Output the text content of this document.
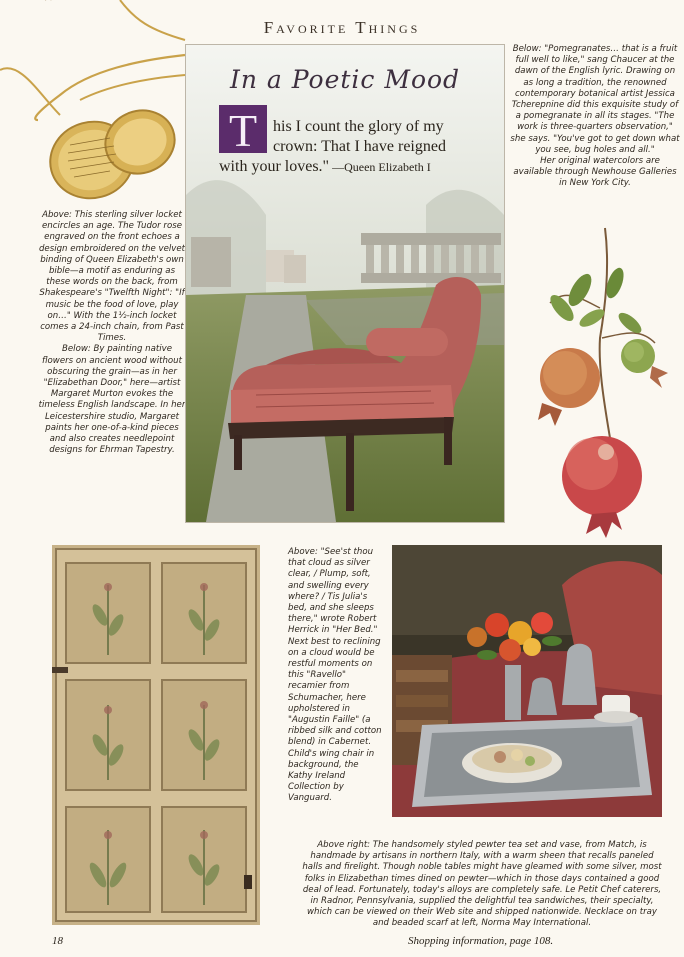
Favorite Things

Above: This sterling silver locket encircles an age. The Tudor rose engraved on the front echoes a design embroidered on the velvet binding of Queen Elizabeth's own bible—a motif as enduring as these words on the back, from Shakespeare's "Twelfth Night": "If music be the food of love, play on…" With the 1½-inch locket comes a 24-inch chain, from Past Times.

Below: By painting native flowers on ancient wood without obscuring the grain—as in her "Elizabethan Door," here—artist Margaret Murton evokes the timeless English landscape. In her Leicestershire studio, Margaret paints her one-of-a-kind pieces and also creates needlepoint designs for Ehrman Tapestry.

In a Poetic Mood
T his I count the glory of my
crown: That I have reigned
with your loves." —Queen Elizabeth I

Below: "Pomegranates… that is a fruit full well to like," sang Chaucer at the dawn of the English lyric. Drawing on as long a tradition, the renowned contemporary botanical artist Jessica Tcherepnine did this exquisite study of a pomegranate in all its stages. "The work is three-quarters observation," she says. "You've got to get down what you see, bug holes and all."

Her original watercolors are available through Newhouse Galleries in New York City.

Above: "See'st thou that cloud as silver clear, / Plump, soft, and swelling every where? / Tis Julia's bed, and she sleeps there," wrote Robert Herrick in "Her Bed." Next best to reclining on a cloud would be restful moments on this "Ravello" recamier from Schumacher, here upholstered in "Augustin Faille" (a ribbed silk and cotton blend) in Cabernet. Child's wing chair in background, the Kathy Ireland Collection by Vanguard.
Above right: The handsomely styled pewter tea set and vase, from Match, is handmade by artisans in northern Italy, with a warm sheen that recalls paneled halls and firelight. Though noble tables might have gleamed with some silver, most folks in Elizabethan times dined on pewter—which in those days contained a good deal of lead. Fortunately, today's alloys are completely safe. Le Petit Chef caterers, in Radnor, Pennsylvania, supplied the delightful tea sandwiches, their specialty, which can be viewed on their Web site and shipped nationwide. Necklace on tray and beaded scarf at left, Norma May International.
18	Shopping information, page 108.
